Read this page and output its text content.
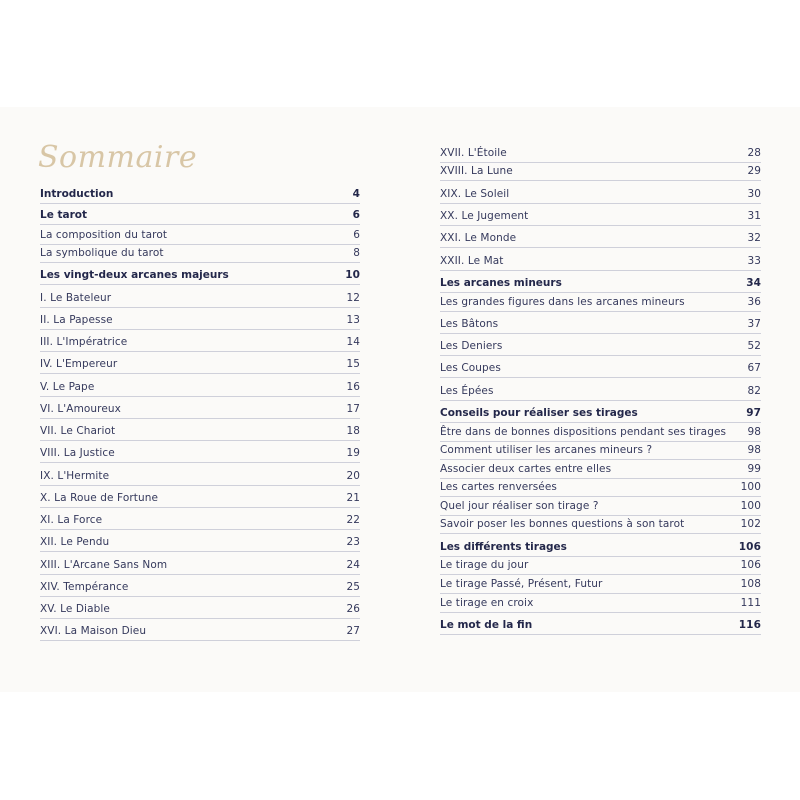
Sommaire
Introduction	4
Le tarot	6
La composition du tarot	6
La symbolique du tarot	8
Les vingt-deux arcanes majeurs	10
I. Le Bateleur	12
II. La Papesse	13
III. L'Impératrice	14
IV. L'Empereur	15
V. Le Pape	16
VI. L'Amoureux	17
VII. Le Chariot	18
VIII. La Justice	19
IX. L'Hermite	20
X. La Roue de Fortune	21
XI. La Force	22
XII. Le Pendu	23
XIII. L'Arcane Sans Nom	24
XIV. Tempérance	25
XV. Le Diable	26
XVI. La Maison Dieu	27
XVII. L'Étoile	28
XVIII. La Lune	29
XIX. Le Soleil	30
XX. Le Jugement	31
XXI. Le Monde	32
XXII. Le Mat	33
Les arcanes mineurs	34
Les grandes figures dans les arcanes mineurs	36
Les Bâtons	37
Les Deniers	52
Les Coupes	67
Les Épées	82
Conseils pour réaliser ses tirages	97
Être dans de bonnes dispositions pendant ses tirages 98
Comment utiliser les arcanes mineurs ?	98
Associer deux cartes entre elles	99
Les cartes renversées	100
Quel jour réaliser son tirage ?	100
Savoir poser les bonnes questions à son tarot	102
Les différents tirages	106
Le tirage du jour	106
Le tirage Passé, Présent, Futur	108
Le tirage en croix	111
Le mot de la fin	116
